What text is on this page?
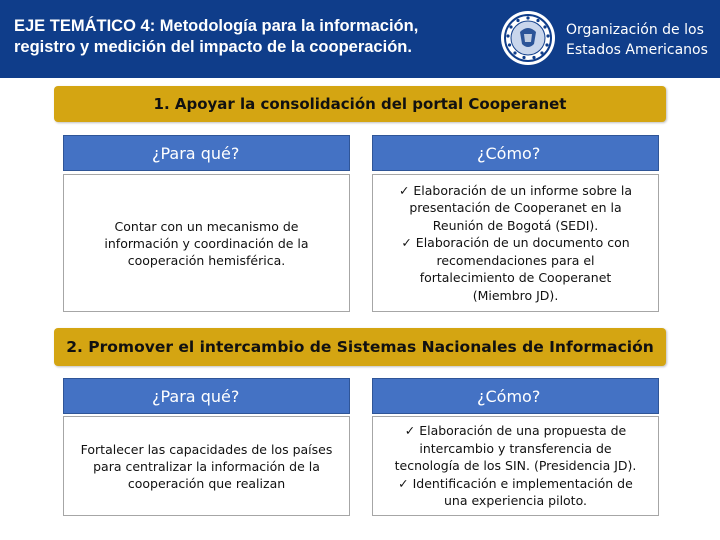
EJE TEMÁTICO 4: Metodología para la información,
registro y medición del impacto de la cooperación.
Organización de los
Estados Americanos
1. Apoyar la consolidación del portal Cooperanet
¿Para qué?	¿Cómo?
Contar con un mecanismo de
información y coordinación de la
cooperación hemisférica.
✓ Elaboración de un informe sobre la
presentación de Cooperanet en la
Reunión de Bogotá (SEDI).
✓ Elaboración de un documento con
recomendaciones para el
fortalecimiento de Cooperanet
(Miembro JD).
2. Promover el intercambio de Sistemas Nacionales de Información
¿Para qué?	¿Cómo?
Fortalecer las capacidades de los países
para centralizar la información de la
cooperación que realizan
✓ Elaboración de una propuesta de
intercambio y transferencia de
tecnología de los SIN. (Presidencia JD).
✓ Identificación e implementación de
una experiencia piloto.
